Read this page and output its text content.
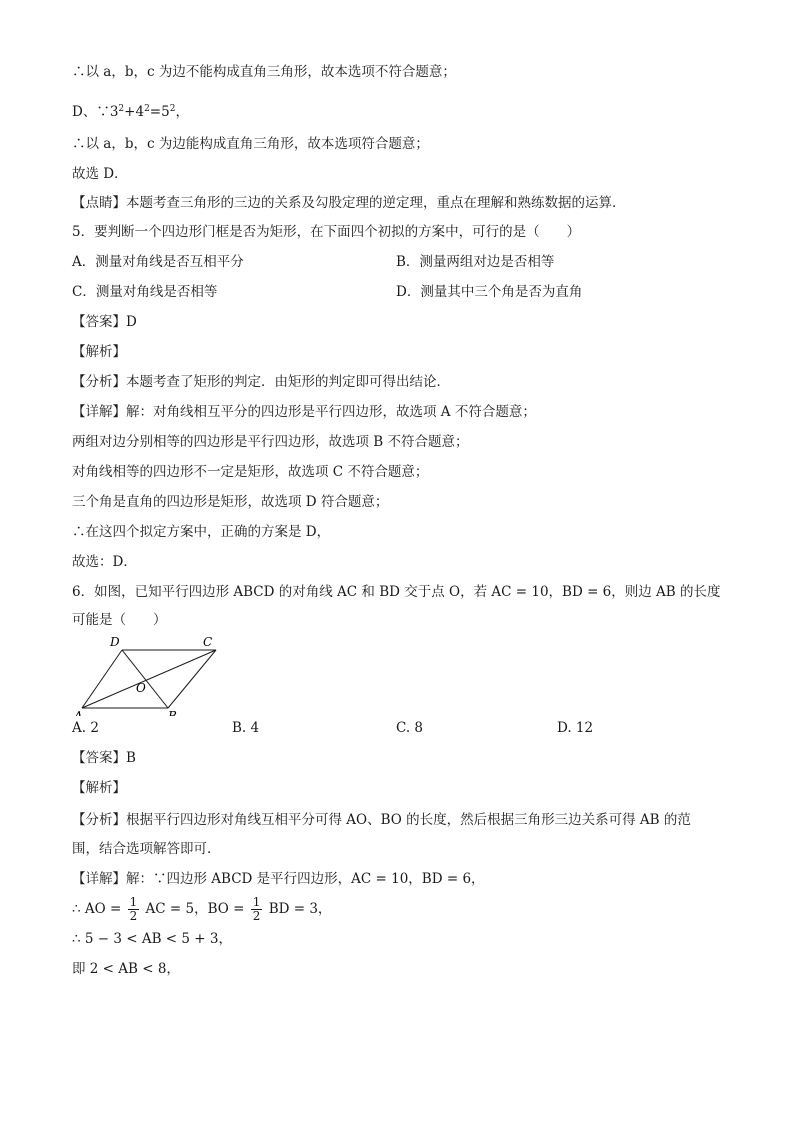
∴以 a，b，c 为边不能构成直角三角形，故本选项不符合题意；

D、$\because 3^2+4^2=5^2$，

∴以 a，b，c 为边能构成直角三角形，故本选项符合题意；

故选 D．

【点睛】本题考查三角形的三边的关系及勾股定理的逆定理，重点在理解和熟练数据的运算．

5．要判断一个四边形门框是否为矩形，在下面四个初拟的方案中，可行的是（　　）

A．测量对角线是否互相平分	B．测量两组对边是否相等
C．测量对角线是否相等	D．测量其中三个角是否为直角

【答案】D

【解析】

【分析】本题考查了矩形的判定．由矩形的判定即可得出结论．

【详解】解：对角线相互平分的四边形是平行四边形，故选项 A 不符合题意；

两组对边分别相等的四边形是平行四边形，故选项 B 不符合题意；

对角线相等的四边形不一定是矩形，故选项 C 不符合题意；

三个角是直角的四边形是矩形，故选项 D 符合题意；

∴在这四个拟定方案中，正确的方案是 D，

故选：D．

6．如图，已知平行四边形 ABCD 的对角线 AC 和 BD 交于点 O，若 AC = 10，BD = 6，则边 AB 的长度

可能是（　　）

D	C
O
A	B
A. 2	B. 4	C. 8	D. 12

【答案】B

【解析】

【分析】根据平行四边形对角线互相平分可得 AO、BO 的长度，然后根据三角形三边关系可得 AB 的范

围，结合选项解答即可．

【详解】解：∵四边形 ABCD 是平行四边形，AC = 10，BD = 6，

∴ AO = $\frac{1}{2}$ AC = 5，BO = $\frac{1}{2}$ BD = 3，

∴ 5 − 3 < AB < 5 + 3，

即 2 < AB < 8，
